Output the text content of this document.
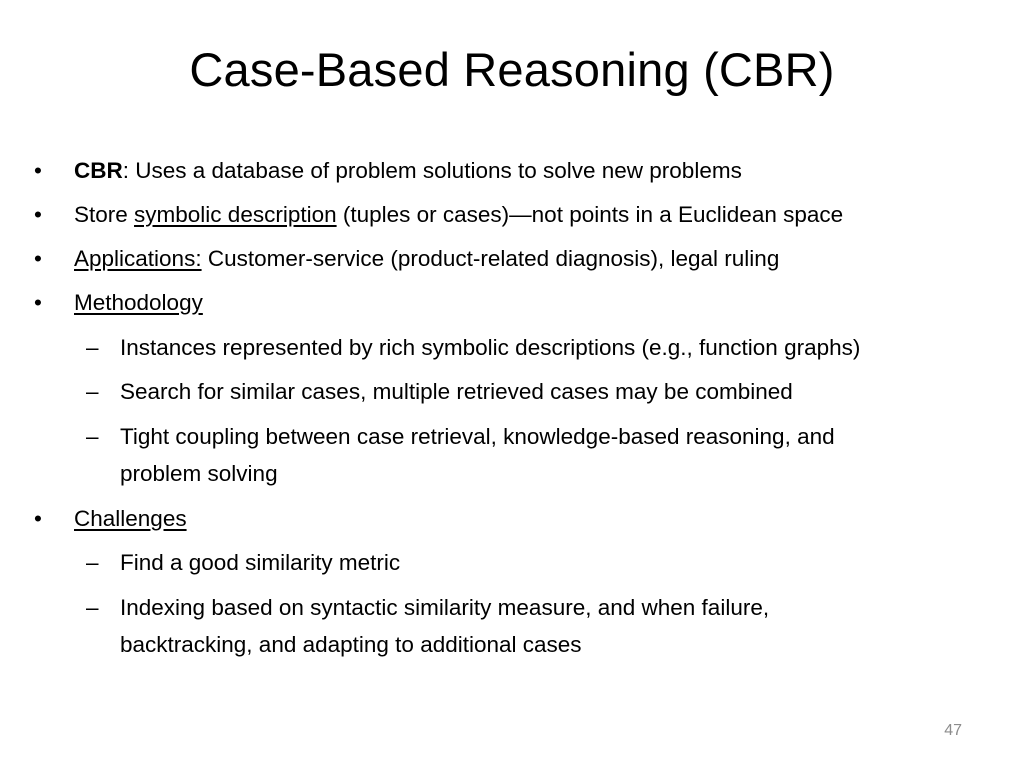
Case-Based Reasoning (CBR)
• CBR: Uses a database of problem solutions to solve new problems
• Store symbolic description (tuples or cases)—not points in a Euclidean space
• Applications: Customer-service (product-related diagnosis), legal ruling
• Methodology
– Instances represented by rich symbolic descriptions (e.g., function graphs)
– Search for similar cases, multiple retrieved cases may be combined
– Tight coupling between case retrieval, knowledge-based reasoning, and
problem solving
• Challenges
– Find a good similarity metric
– Indexing based on syntactic similarity measure, and when failure,
backtracking, and adapting to additional cases
47
